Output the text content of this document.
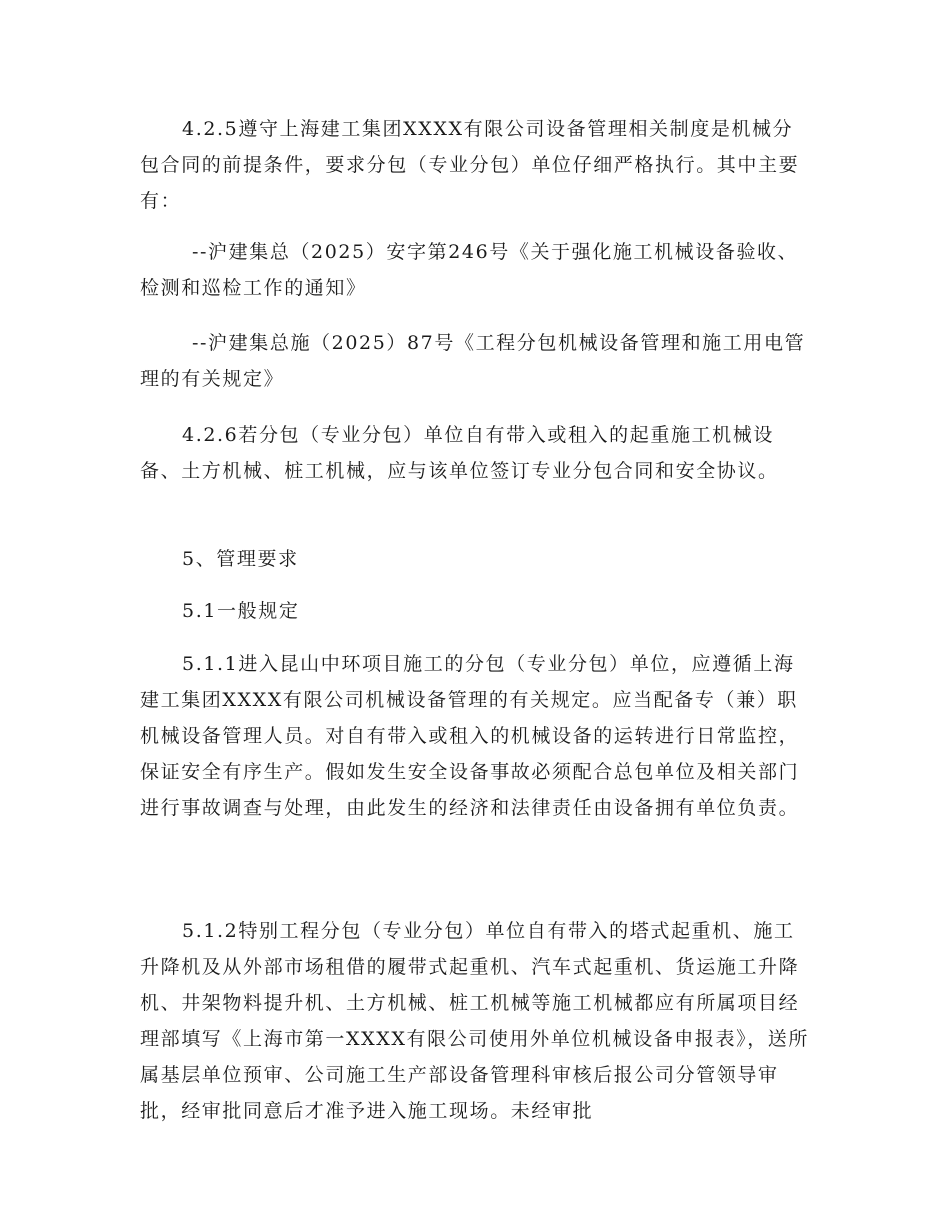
4.2.5遵守上海建工集团XXXX有限公司设备管理相关制度是机械分包合同的前提条件，要求分包（专业分包）单位仔细严格执行。其中主要有：

--沪建集总（2025）安字第246号《关于强化施工机械设备验收、检测和巡检工作的通知》

--沪建集总施（2025）87号《工程分包机械设备管理和施工用电管理的有关规定》

4.2.6若分包（专业分包）单位自有带入或租入的起重施工机械设备、土方机械、桩工机械，应与该单位签订专业分包合同和安全协议。

5、管理要求

5.1一般规定

5.1.1进入昆山中环项目施工的分包（专业分包）单位，应遵循上海建工集团XXXX有限公司机械设备管理的有关规定。应当配备专（兼）职机械设备管理人员。对自有带入或租入的机械设备的运转进行日常监控，保证安全有序生产。假如发生安全设备事故必须配合总包单位及相关部门进行事故调查与处理，由此发生的经济和法律责任由设备拥有单位负责。

5.1.2特别工程分包（专业分包）单位自有带入的塔式起重机、施工升降机及从外部市场租借的履带式起重机、汽车式起重机、货运施工升降机、井架物料提升机、土方机械、桩工机械等施工机械都应有所属项目经理部填写《上海市第一XXXX有限公司使用外单位机械设备申报表》，送所属基层单位预审、公司施工生产部设备管理科审核后报公司分管领导审批，经审批同意后才准予进入施工现场。未经审批
